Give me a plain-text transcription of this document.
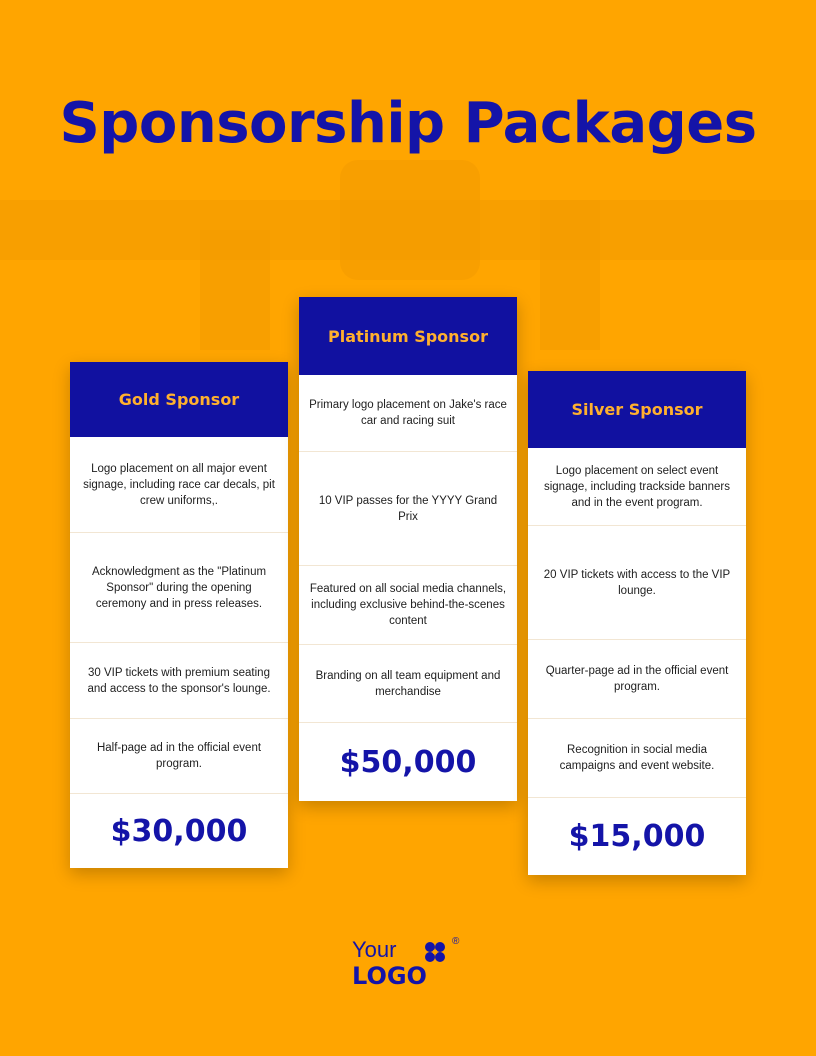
Sponsorship Packages
Gold Sponsor
Logo placement on all major event signage, including race car decals, pit crew uniforms,.
Acknowledgment as the "Platinum Sponsor" during the opening ceremony and in press releases.
30 VIP tickets with premium seating and access to the sponsor's lounge.
Half-page ad in the official event program.
$30,000
Platinum Sponsor
Primary logo placement on Jake's race car and racing suit
10 VIP passes for the YYYY Grand Prix
Featured on all social media channels, including exclusive behind-the-scenes content
Branding on all team equipment and merchandise
$50,000
Silver Sponsor
Logo placement on select event signage, including trackside banners and in the event program.
20 VIP tickets with access to the VIP lounge.
Quarter-page ad in the official event program.
Recognition in social media campaigns and event website.
$15,000
Your
LOGO
®
